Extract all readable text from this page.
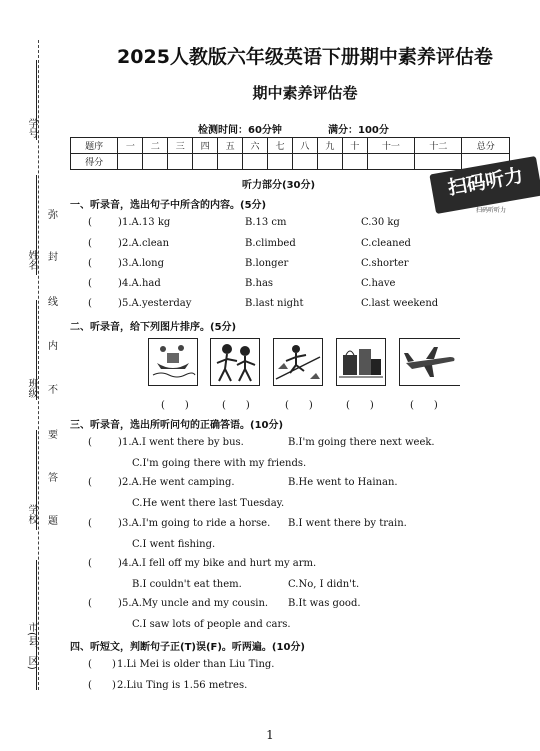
学号
姓名
班级
学校
市(县、区)
弥
封
线
内
不
要
答
题
2025人教版六年级英语下册期中素养评估卷
期中素养评估卷
检测时间：60分钟	满分：100分
题序	一	二	三	四	五	六	七	八	九	十	十一	十二	总分
得分													
扫码听力
扫码听听力
听力部分(30分)
一、听录音，选出句子中所含的内容。(5分)
(	) 1.A.13 kg	B.13 cm	C.30 kg
(	) 2.A.clean	B.climbed	C.cleaned
(	) 3.A.long	B.longer	C.shorter
(	) 4.A.had	B.has	C.have
(	) 5.A.yesterday	B.last night	C.last weekend
二、听录音，给下列图片排序。(5分)
(　　)	(　　)	(　　)	(　　)	(　　)
三、听录音，选出所听问句的正确答语。(10分)
(	) 1.A.I went there by bus.	B.I'm going there next week.
C.I'm going there with my friends.
(	) 2.A.He went camping.	B.He went to Hainan.
C.He went there last Tuesday.
(	) 3.A.I'm going to ride a horse. B.I went there by train.
C.I went fishing.
(	) 4.A.I fell off my bike and hurt my arm.
B.I couldn't eat them.	C.No, I didn't.
(	) 5.A.My uncle and my cousin. B.It was good.
C.I saw lots of people and cars.
四、听短文，判断句子正(T)误(F)。听两遍。(10分)
( ) 1.Li Mei is older than Liu Ting.
( ) 2.Liu Ting is 1.56 metres.
1
